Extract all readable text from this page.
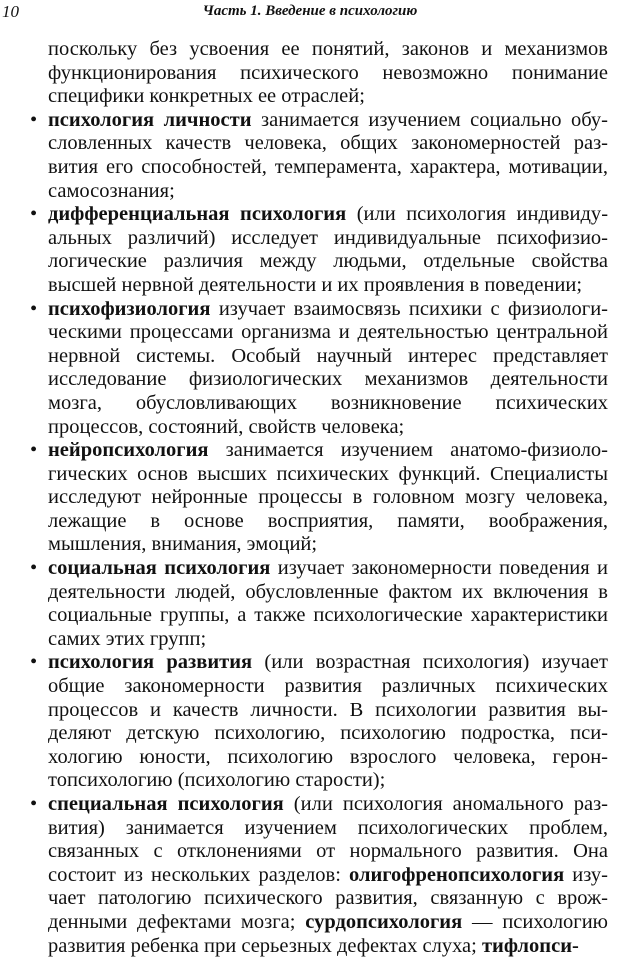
10	Часть 1. Введение в психологию

поскольку без усвоения ее понятий, законов и механизмов функционирования психического невозможно понимание специфики конкретных ее отраслей;

• психология личности занимается изучением социально обусловленных качеств человека, общих закономерностей развития его способностей, темперамента, характера, мотивации, самосознания;

• дифференциальная психология (или психология индивидуальных различий) исследует индивидуальные психофизиологические различия между людьми, отдельные свойства высшей нервной деятельности и их проявления в поведении;

• психофизиология изучает взаимосвязь психики с физиологическими процессами организма и деятельностью центральной нервной системы. Особый научный интерес представляет исследование физиологических механизмов деятельности мозга, обусловливающих возникновение психических процессов, состояний, свойств человека;

• нейропсихология занимается изучением анатомо-физиологических основ высших психических функций. Специалисты исследуют нейронные процессы в головном мозгу человека, лежащие в основе восприятия, памяти, воображения, мышления, внимания, эмоций;

• социальная психология изучает закономерности поведения и деятельности людей, обусловленные фактом их включения в социальные группы, а также психологические характеристики самих этих групп;

• психология развития (или возрастная психология) изучает общие закономерности развития различных психических процессов и качеств личности. В психологии развития выделяют детскую психологию, психологию подростка, психологию юности, психологию взрослого человека, геронтопсихологию (психологию старости);

• специальная психология (или психология аномального развития) занимается изучением психологических проблем, связанных с отклонениями от нормального развития. Она состоит из нескольких разделов: олигофренопсихология изучает патологию психического развития, связанную с врожденными дефектами мозга; сурдопсихология — психологию развития ребенка при серьезных дефектах слуха; тифлопси-
